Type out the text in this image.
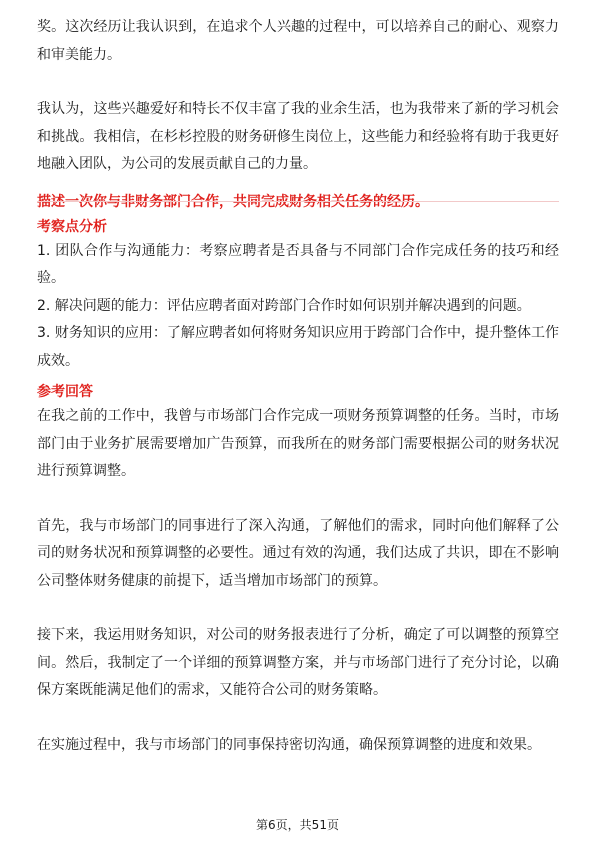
奖。这次经历让我认识到，在追求个人兴趣的过程中，可以培养自己的耐心、观察力和审美能力。

我认为，这些兴趣爱好和特长不仅丰富了我的业余生活，也为我带来了新的学习机会和挑战。我相信，在杉杉控股的财务研修生岗位上，这些能力和经验将有助于我更好地融入团队，为公司的发展贡献自己的力量。

描述一次你与非财务部门合作，共同完成财务相关任务的经历。

考察点分析

1. 团队合作与沟通能力：考察应聘者是否具备与不同部门合作完成任务的技巧和经验。

2. 解决问题的能力：评估应聘者面对跨部门合作时如何识别并解决遇到的问题。

3. 财务知识的应用：了解应聘者如何将财务知识应用于跨部门合作中，提升整体工作成效。

参考回答

在我之前的工作中，我曾与市场部门合作完成一项财务预算调整的任务。当时，市场部门由于业务扩展需要增加广告预算，而我所在的财务部门需要根据公司的财务状况进行预算调整。

首先，我与市场部门的同事进行了深入沟通，了解他们的需求，同时向他们解释了公司的财务状况和预算调整的必要性。通过有效的沟通，我们达成了共识，即在不影响公司整体财务健康的前提下，适当增加市场部门的预算。

接下来，我运用财务知识，对公司的财务报表进行了分析，确定了可以调整的预算空间。然后，我制定了一个详细的预算调整方案，并与市场部门进行了充分讨论，以确保方案既能满足他们的需求，又能符合公司的财务策略。

在实施过程中，我与市场部门的同事保持密切沟通，确保预算调整的进度和效果。

第6页，共51页
